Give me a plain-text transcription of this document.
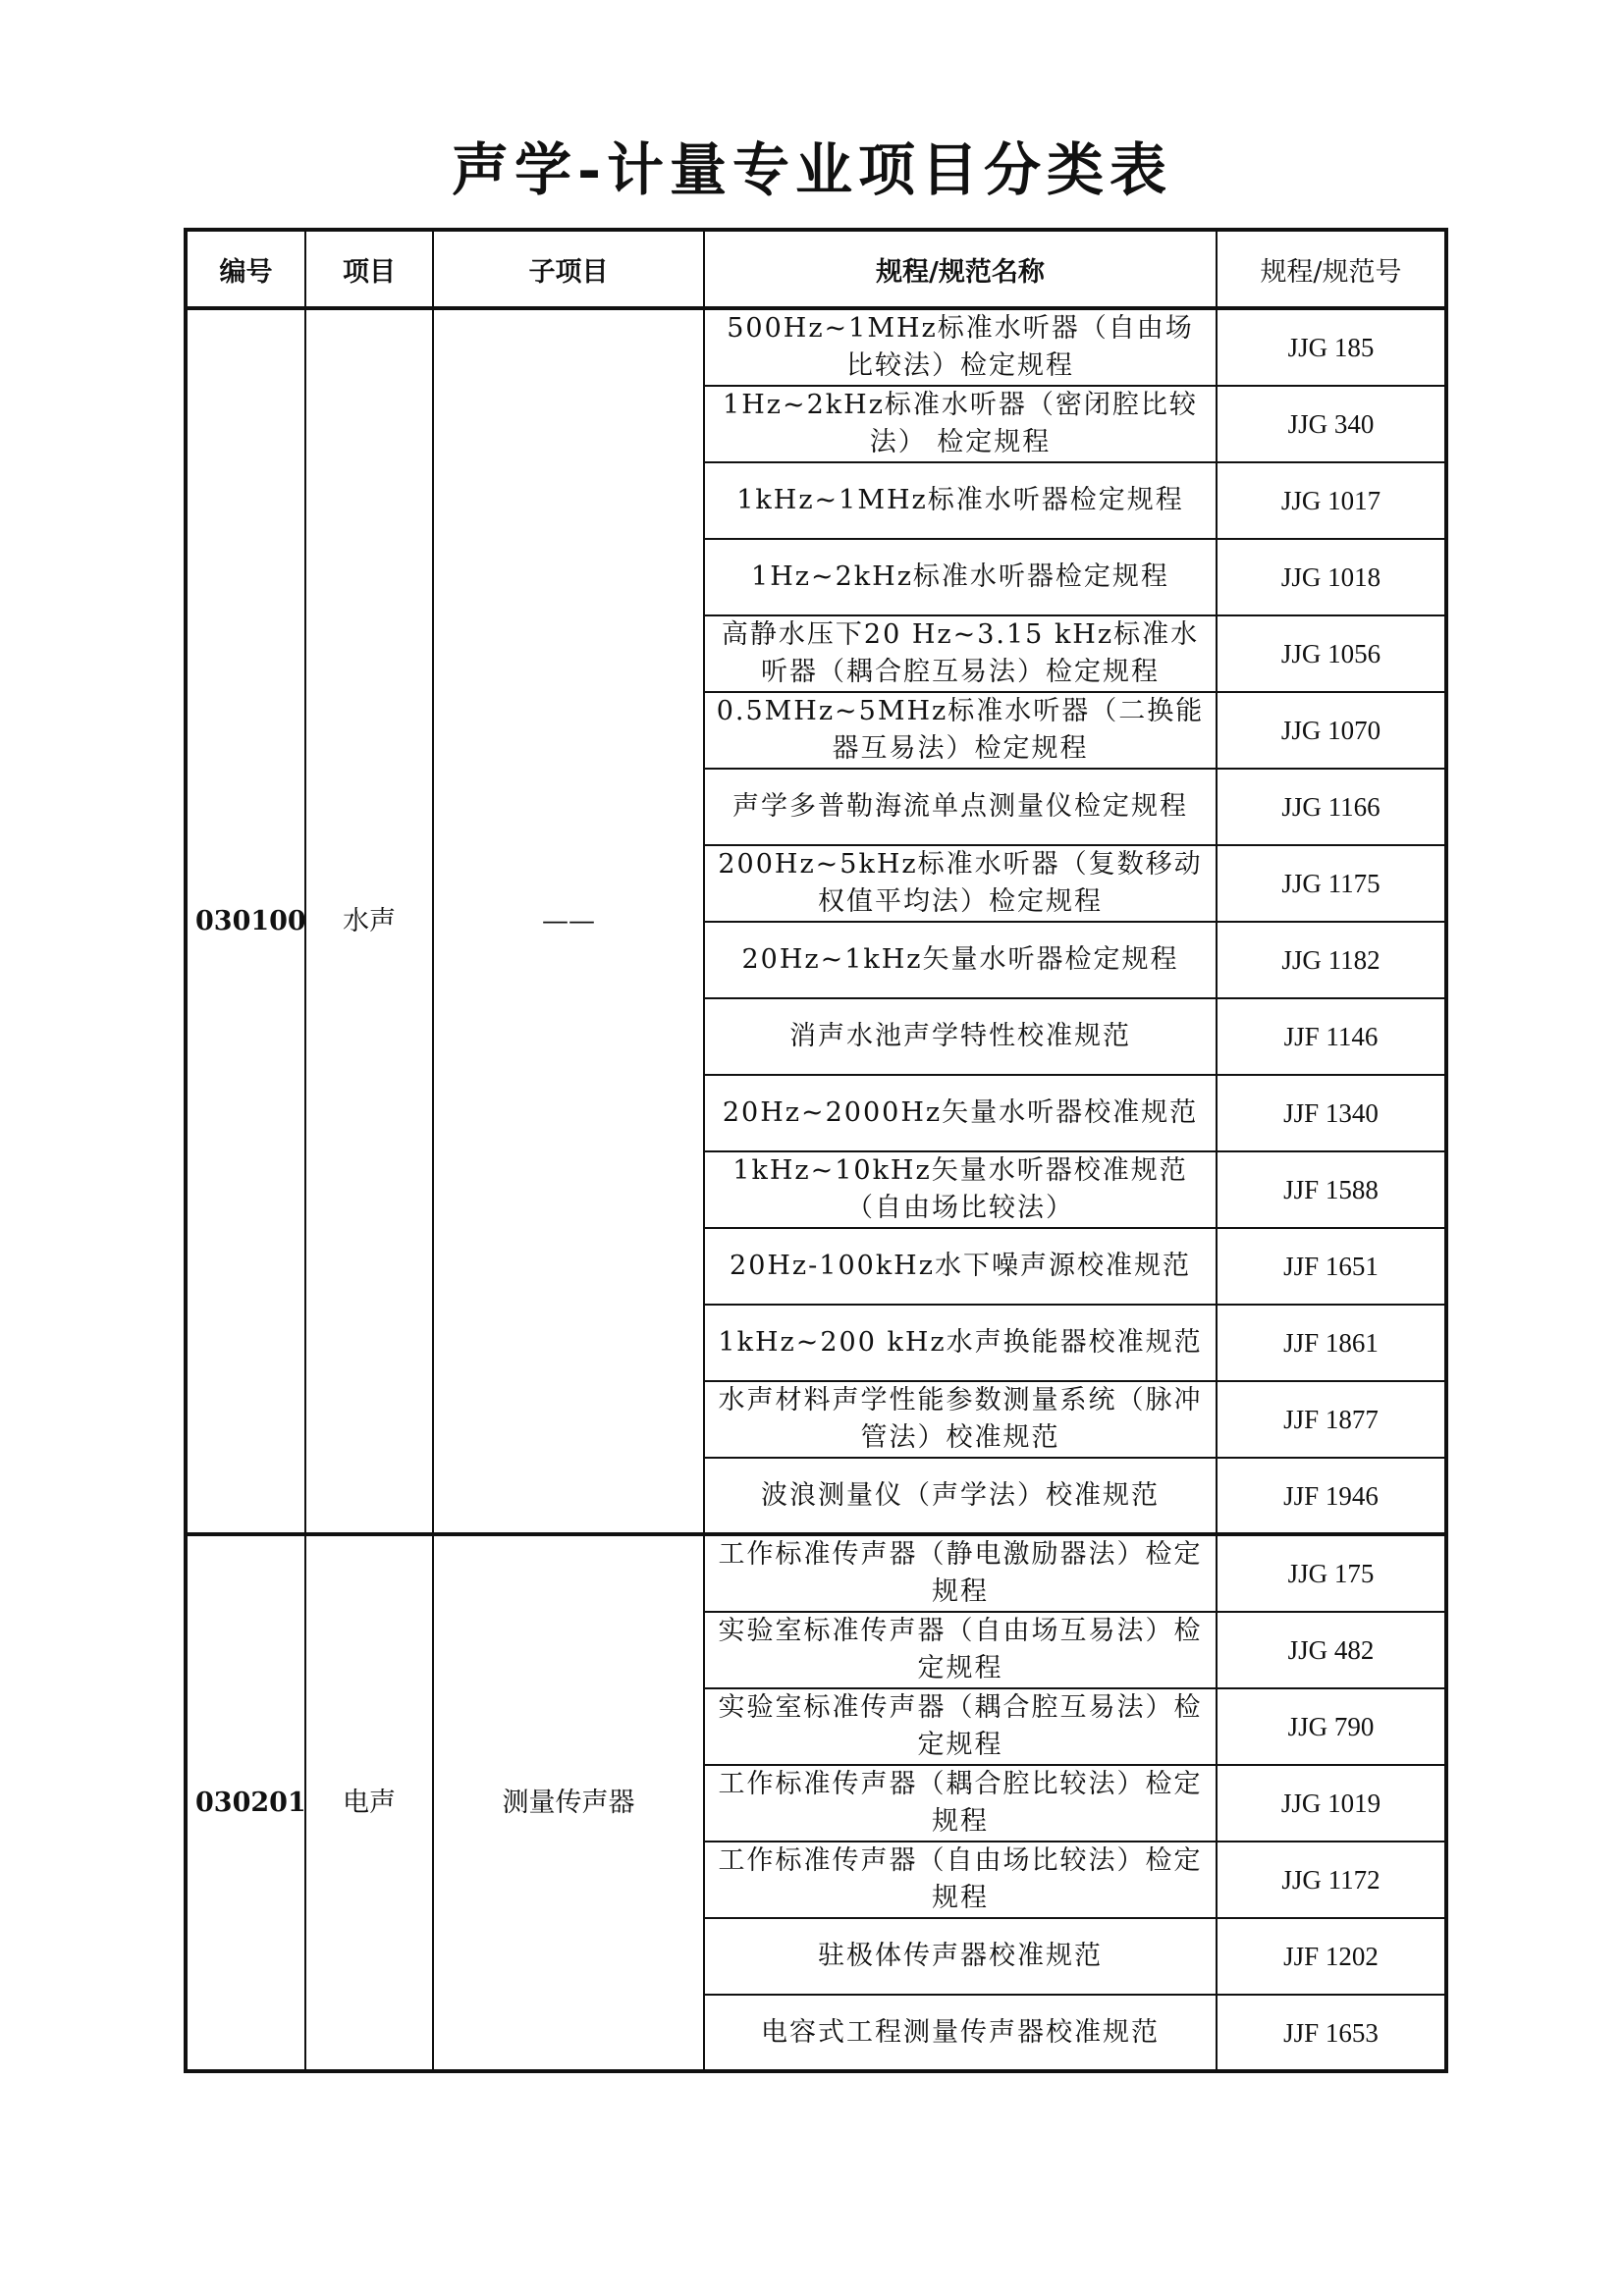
声学-计量专业项目分类表
编号	项目	子项目	规程/规范名称	规程/规范号
030100	水声	——	500Hz~1MHz标准水听器（自由场比较法）检定规程	JJG 185
			1Hz~2kHz标准水听器（密闭腔比较法） 检定规程	JJG 340
			1kHz~1MHz标准水听器检定规程	JJG 1017
			1Hz~2kHz标准水听器检定规程	JJG 1018
			高静水压下20 Hz~3.15 kHz标准水听器（耦合腔互易法）检定规程	JJG 1056
			0.5MHz~5MHz标准水听器（二换能器互易法）检定规程	JJG 1070
			声学多普勒海流单点测量仪检定规程	JJG 1166
			200Hz~5kHz标准水听器（复数移动权值平均法）检定规程	JJG 1175
			20Hz~1kHz矢量水听器检定规程	JJG 1182
			消声水池声学特性校准规范	JJF 1146
			20Hz~2000Hz矢量水听器校准规范	JJF 1340
			1kHz~10kHz矢量水听器校准规范（自由场比较法）	JJF 1588
			20Hz-100kHz水下噪声源校准规范	JJF 1651
			1kHz~200 kHz水声换能器校准规范	JJF 1861
			水声材料声学性能参数测量系统（脉冲管法）校准规范	JJF 1877
			波浪测量仪（声学法）校准规范	JJF 1946
030201	电声	测量传声器	工作标准传声器（静电激励器法）检定规程	JJG 175
			实验室标准传声器（自由场互易法）检定规程	JJG 482
			实验室标准传声器（耦合腔互易法）检定规程	JJG 790
			工作标准传声器（耦合腔比较法）检定规程	JJG 1019
			工作标准传声器（自由场比较法）检定规程	JJG 1172
			驻极体传声器校准规范	JJF 1202
			电容式工程测量传声器校准规范	JJF 1653
